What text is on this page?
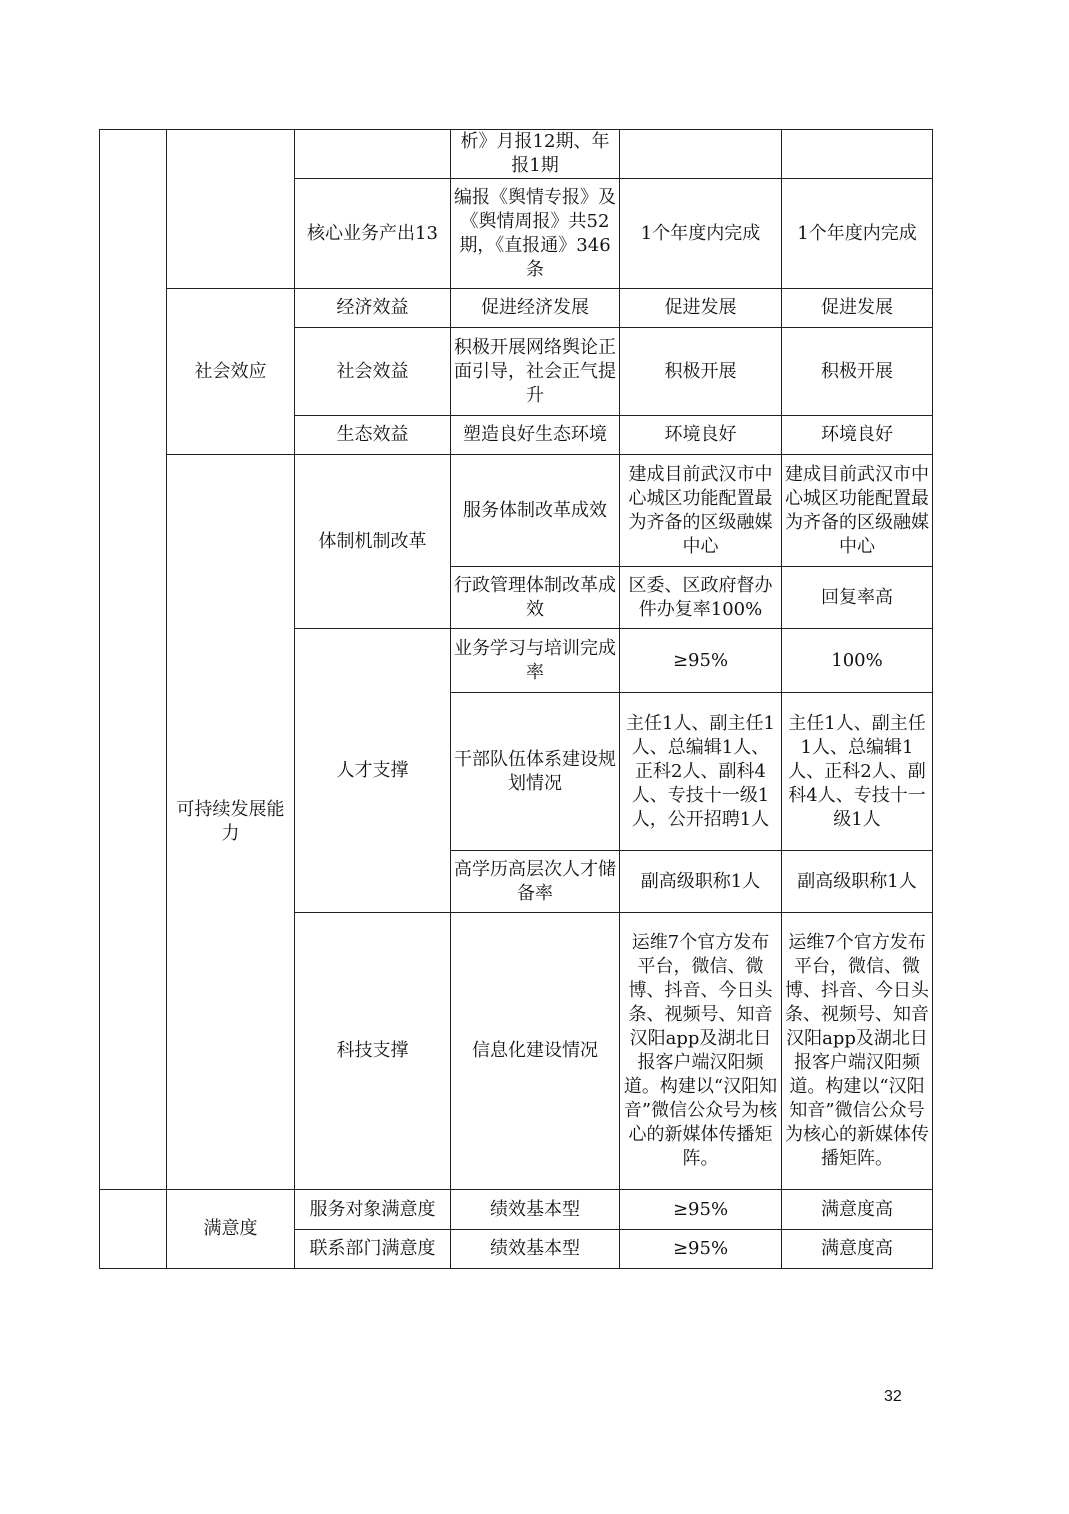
			析》月报12期、年报1期		
		核心业务产出13	编报《舆情专报》及《舆情周报》共52期，《直报通》346条	1个年度内完成	1个年度内完成
	社会效应	经济效益	促进经济发展	促进发展	促进发展
		社会效益	积极开展网络舆论正面引导，社会正气提升	积极开展	积极开展
		生态效益	塑造良好生态环境	环境良好	环境良好
	可持续发展能力	体制机制改革	服务体制改革成效	建成目前武汉市中心城区功能配置最为齐备的区级融媒中心	建成目前武汉市中心城区功能配置最为齐备的区级融媒中心
			行政管理体制改革成效	区委、区政府督办件办复率100%	回复率高
		人才支撑	业务学习与培训完成率	≥95%	100%
			干部队伍体系建设规划情况	主任1人、副主任1人、总编辑1人、正科2人、副科4人、专技十一级1人，公开招聘1人	主任1人、副主任1人、总编辑1人、正科2人、副科4人、专技十一级1人
			高学历高层次人才储备率	副高级职称1人	副高级职称1人
		科技支撑	信息化建设情况	运维7个官方发布平台，微信、微博、抖音、今日头条、视频号、知音汉阳app及湖北日报客户端汉阳频道。构建以“汉阳知音”微信公众号为核心的新媒体传播矩阵。	运维7个官方发布平台，微信、微博、抖音、今日头条、视频号、知音汉阳app及湖北日报客户端汉阳频道。构建以“汉阳知音”微信公众号为核心的新媒体传播矩阵。
	满意度	服务对象满意度	绩效基本型	≥95%	满意度高
		联系部门满意度	绩效基本型	≥95%	满意度高
32
